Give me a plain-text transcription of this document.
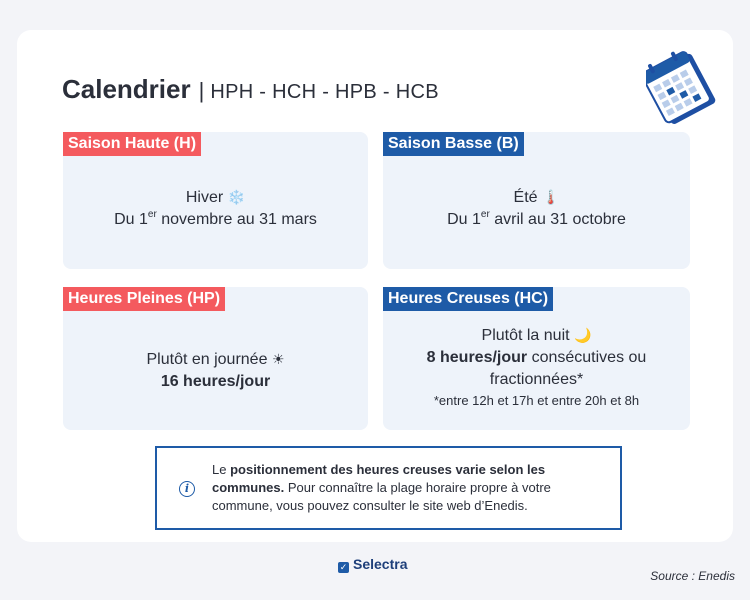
Calendrier | HPH - HCH - HPB - HCB
Saison Haute (H)
Hiver ❄️
Du 1er novembre au 31 mars
Saison Basse (B)
Été 🌡️
Du 1er avril au 31 octobre
Heures Pleines (HP)
Plutôt en journée ☀
16 heures/jour
Heures Creuses (HC)
Plutôt la nuit 🌙
8 heures/jour consécutives ou
fractionnées*
*entre 12h et 17h et entre 20h et 8h
i
Le positionnement des heures creuses varie selon les communes. Pour connaître la plage horaire propre à votre commune, vous pouvez consulter le site web d’Enedis.
✓ Selectra
Source : Enedis
